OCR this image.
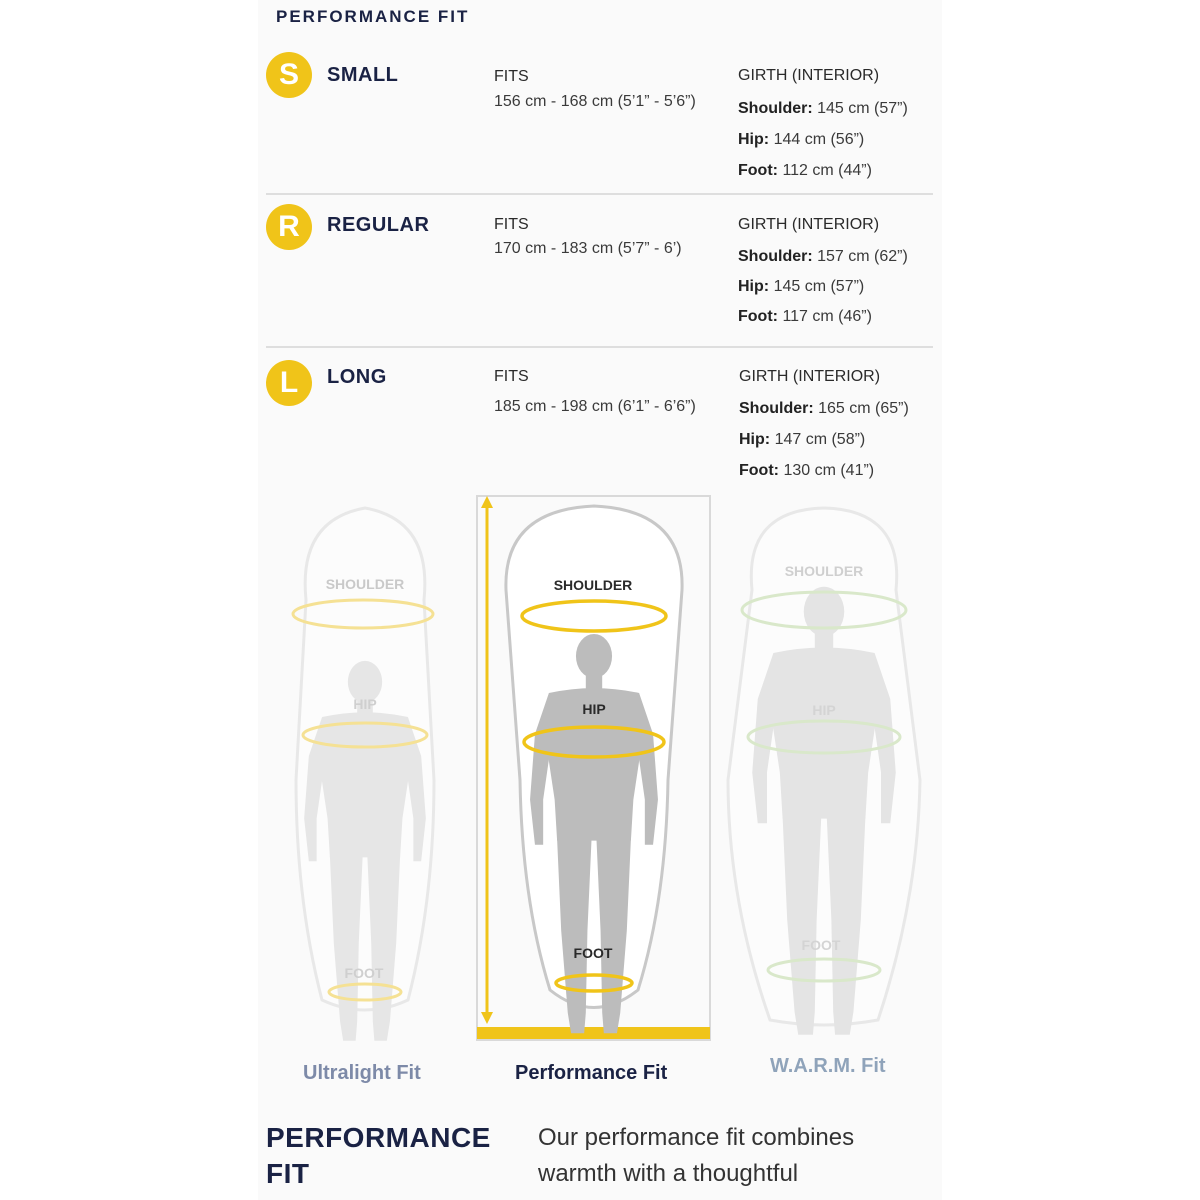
PERFORMANCE FIT
S	SMALL	FITS
156 cm - 168 cm (5’1” - 5’6”)
GIRTH (INTERIOR)
Shoulder: 145 cm (57”)
Hip: 144 cm (56”)
Foot: 112 cm (44”)
R	REGULAR	FITS
170 cm - 183 cm (5’7” - 6’)
GIRTH (INTERIOR)
Shoulder: 157 cm (62”)
Hip: 145 cm (57”)
Foot: 117 cm (46”)
L	LONG	FITS
185 cm - 198 cm (6’1” - 6’6”)
GIRTH (INTERIOR)
Shoulder: 165 cm (65”)
Hip: 147 cm (58”)
Foot: 130 cm (41”)
SHOULDER
HIP
FOOT
SHOULDER
HIP
FOOT
SHOULDER
HIP
FOOT
Ultralight Fit	Performance Fit	W.A.R.M. Fit
PERFORMANCE FIT
Our performance fit combines warmth with a thoughtful
